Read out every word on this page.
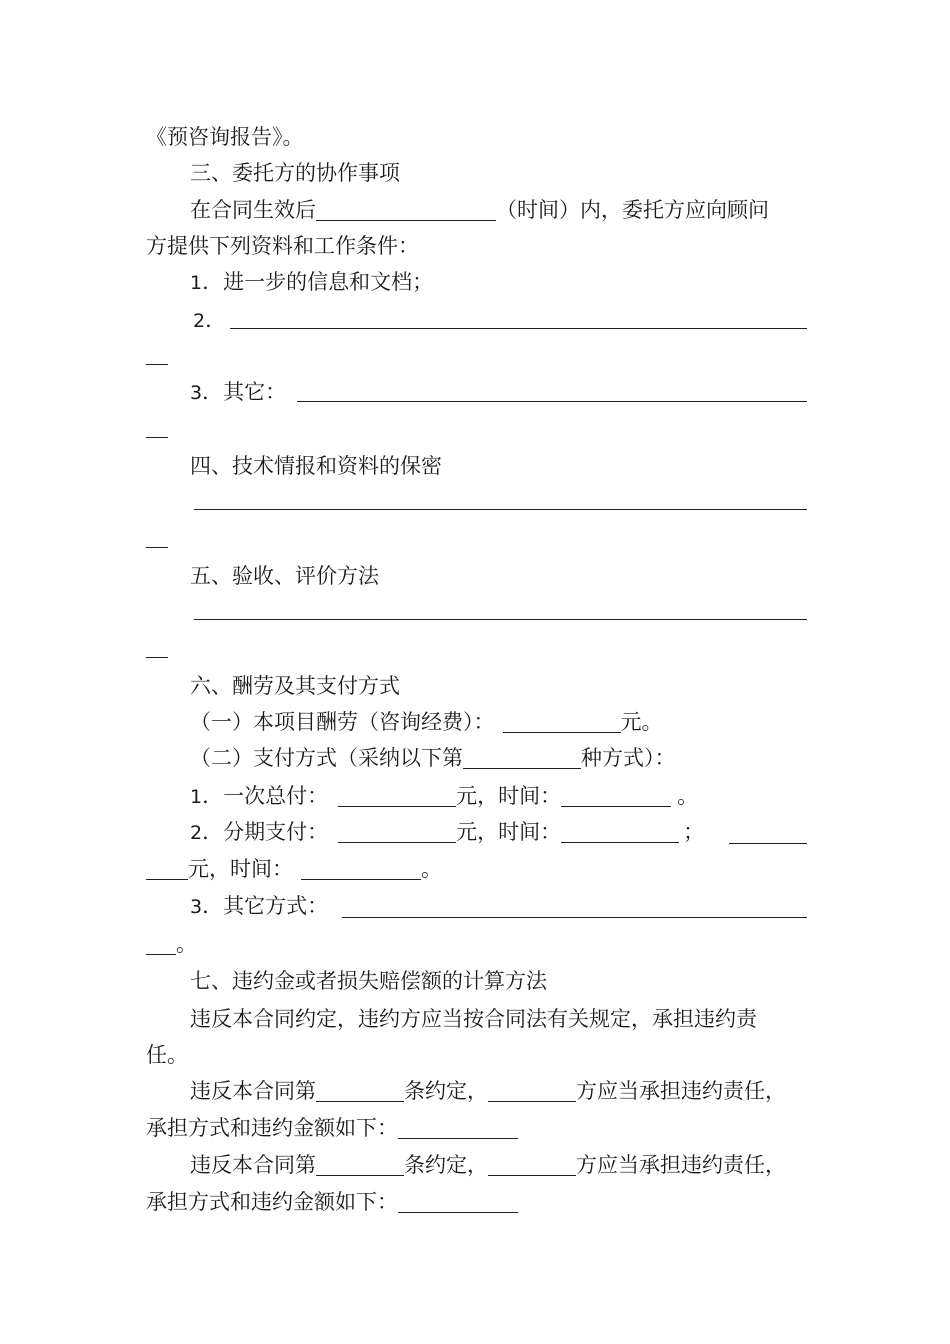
《预咨询报告》。
三、委托方的协作事项
在合同生效后	（时间）内，委托方应向顾问
方提供下列资料和工作条件：
1．进一步的信息和文档；
2．
3．其它：
四、技术情报和资料的保密
五、验收、评价方法
六、酬劳及其支付方式
（一）本项目酬劳（咨询经费）：	元。
（二）支付方式（采纳以下第	种方式）：
1．一次总付：	元，时间：	。
2．分期支付：	元，时间：	；
元，时间：	。
3．其它方式：
。
七、违约金或者损失赔偿额的计算方法
违反本合同约定，违约方应当按合同法有关规定，承担违约责
任。
违反本合同第	条约定，	方应当承担违约责任，
承担方式和违约金额如下：
违反本合同第	条约定，	方应当承担违约责任，
承担方式和违约金额如下：
